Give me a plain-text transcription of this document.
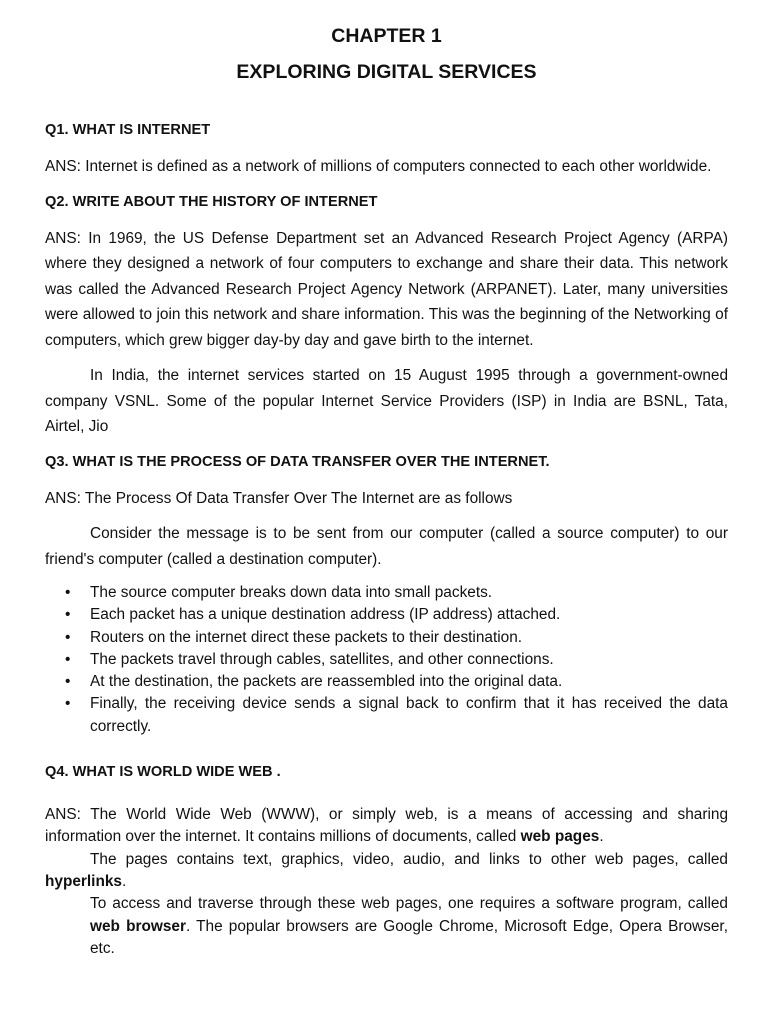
CHAPTER 1
EXPLORING DIGITAL SERVICES

Q1. WHAT IS INTERNET

ANS: Internet is defined as a network of millions of computers connected to each other worldwide.

Q2. WRITE ABOUT THE HISTORY OF INTERNET

ANS: In 1969, the US Defense Department set an Advanced Research Project Agency (ARPA) where they designed a network of four computers to exchange and share their data. This network was called the Advanced Research Project Agency Network (ARPANET). Later, many universities were allowed to join this network and share information. This was the beginning of the Networking of computers, which grew bigger day-by day and gave birth to the internet.

In India, the internet services started on 15 August 1995 through a government-owned company VSNL. Some of the popular Internet Service Providers (ISP) in India are BSNL, Tata, Airtel, Jio

Q3. WHAT IS THE PROCESS OF DATA TRANSFER OVER THE INTERNET.

ANS: The Process Of Data Transfer Over The Internet are as follows

Consider the message is to be sent from our computer (called a source computer) to our friend's computer (called a destination computer).

• The source computer breaks down data into small packets.
• Each packet has a unique destination address (IP address) attached.
• Routers on the internet direct these packets to their destination.
• The packets travel through cables, satellites, and other connections.
• At the destination, the packets are reassembled into the original data.
• Finally, the receiving device sends a signal back to confirm that it has received the data correctly.

Q4. WHAT IS WORLD WIDE WEB .

ANS: The World Wide Web (WWW), or simply web, is a means of accessing and sharing information over the internet. It contains millions of documents, called web pages.

The pages contains text, graphics, video, audio, and links to other web pages, called hyperlinks.

To access and traverse through these web pages, one requires a software program, called web browser. The popular browsers are Google Chrome, Microsoft Edge, Opera Browser, etc.
